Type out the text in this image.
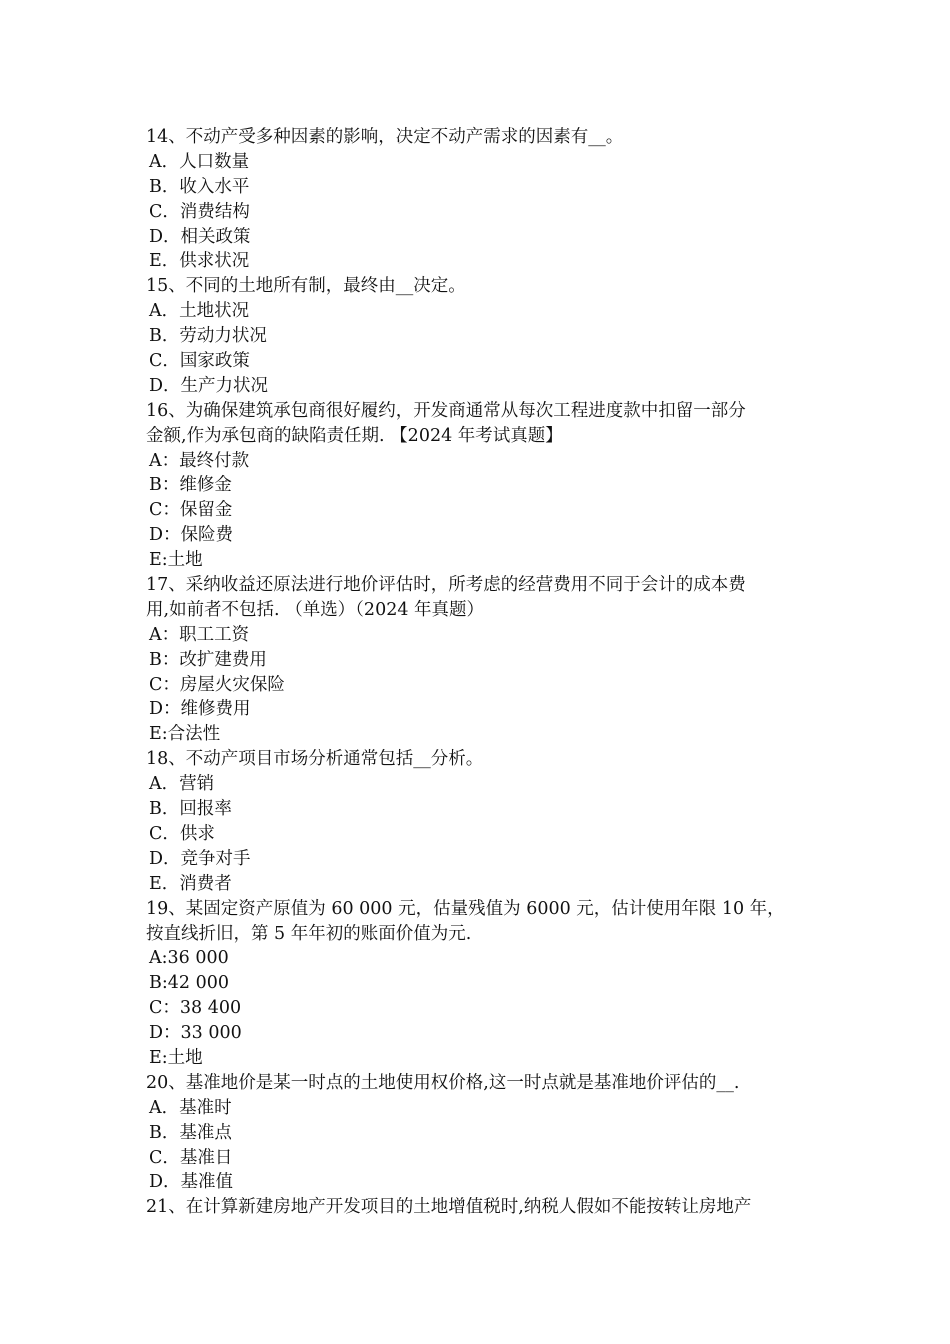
14、不动产受多种因素的影响，决定不动产需求的因素有__。
A．人口数量
B．收入水平
C．消费结构
D．相关政策
E．供求状况
15、不同的土地所有制，最终由__决定。
A．土地状况
B．劳动力状况
C．国家政策
D．生产力状况
16、为确保建筑承包商很好履约，开发商通常从每次工程进度款中扣留一部分
金额,作为承包商的缺陷责任期. 【2024 年考试真题】
A：最终付款
B：维修金
C：保留金
D：保险费
E:土地
17、采纳收益还原法进行地价评估时，所考虑的经营费用不同于会计的成本费
用,如前者不包括. （单选）（2024 年真题）
A：职工工资
B：改扩建费用
C：房屋火灾保险
D：维修费用
E:合法性
18、不动产项目市场分析通常包括__分析。
A．营销
B．回报率
C．供求
D．竞争对手
E．消费者
19、某固定资产原值为 60 000 元，估量残值为 6000 元，估计使用年限 10 年，
按直线折旧，第 5 年年初的账面价值为元.
A:36 000
B:42 000
C：38 400
D：33 000
E:土地
20、基准地价是某一时点的土地使用权价格,这一时点就是基准地价评估的__.
A．基准时
B．基准点
C．基准日
D．基准值
21、在计算新建房地产开发项目的土地增值税时,纳税人假如不能按转让房地产
